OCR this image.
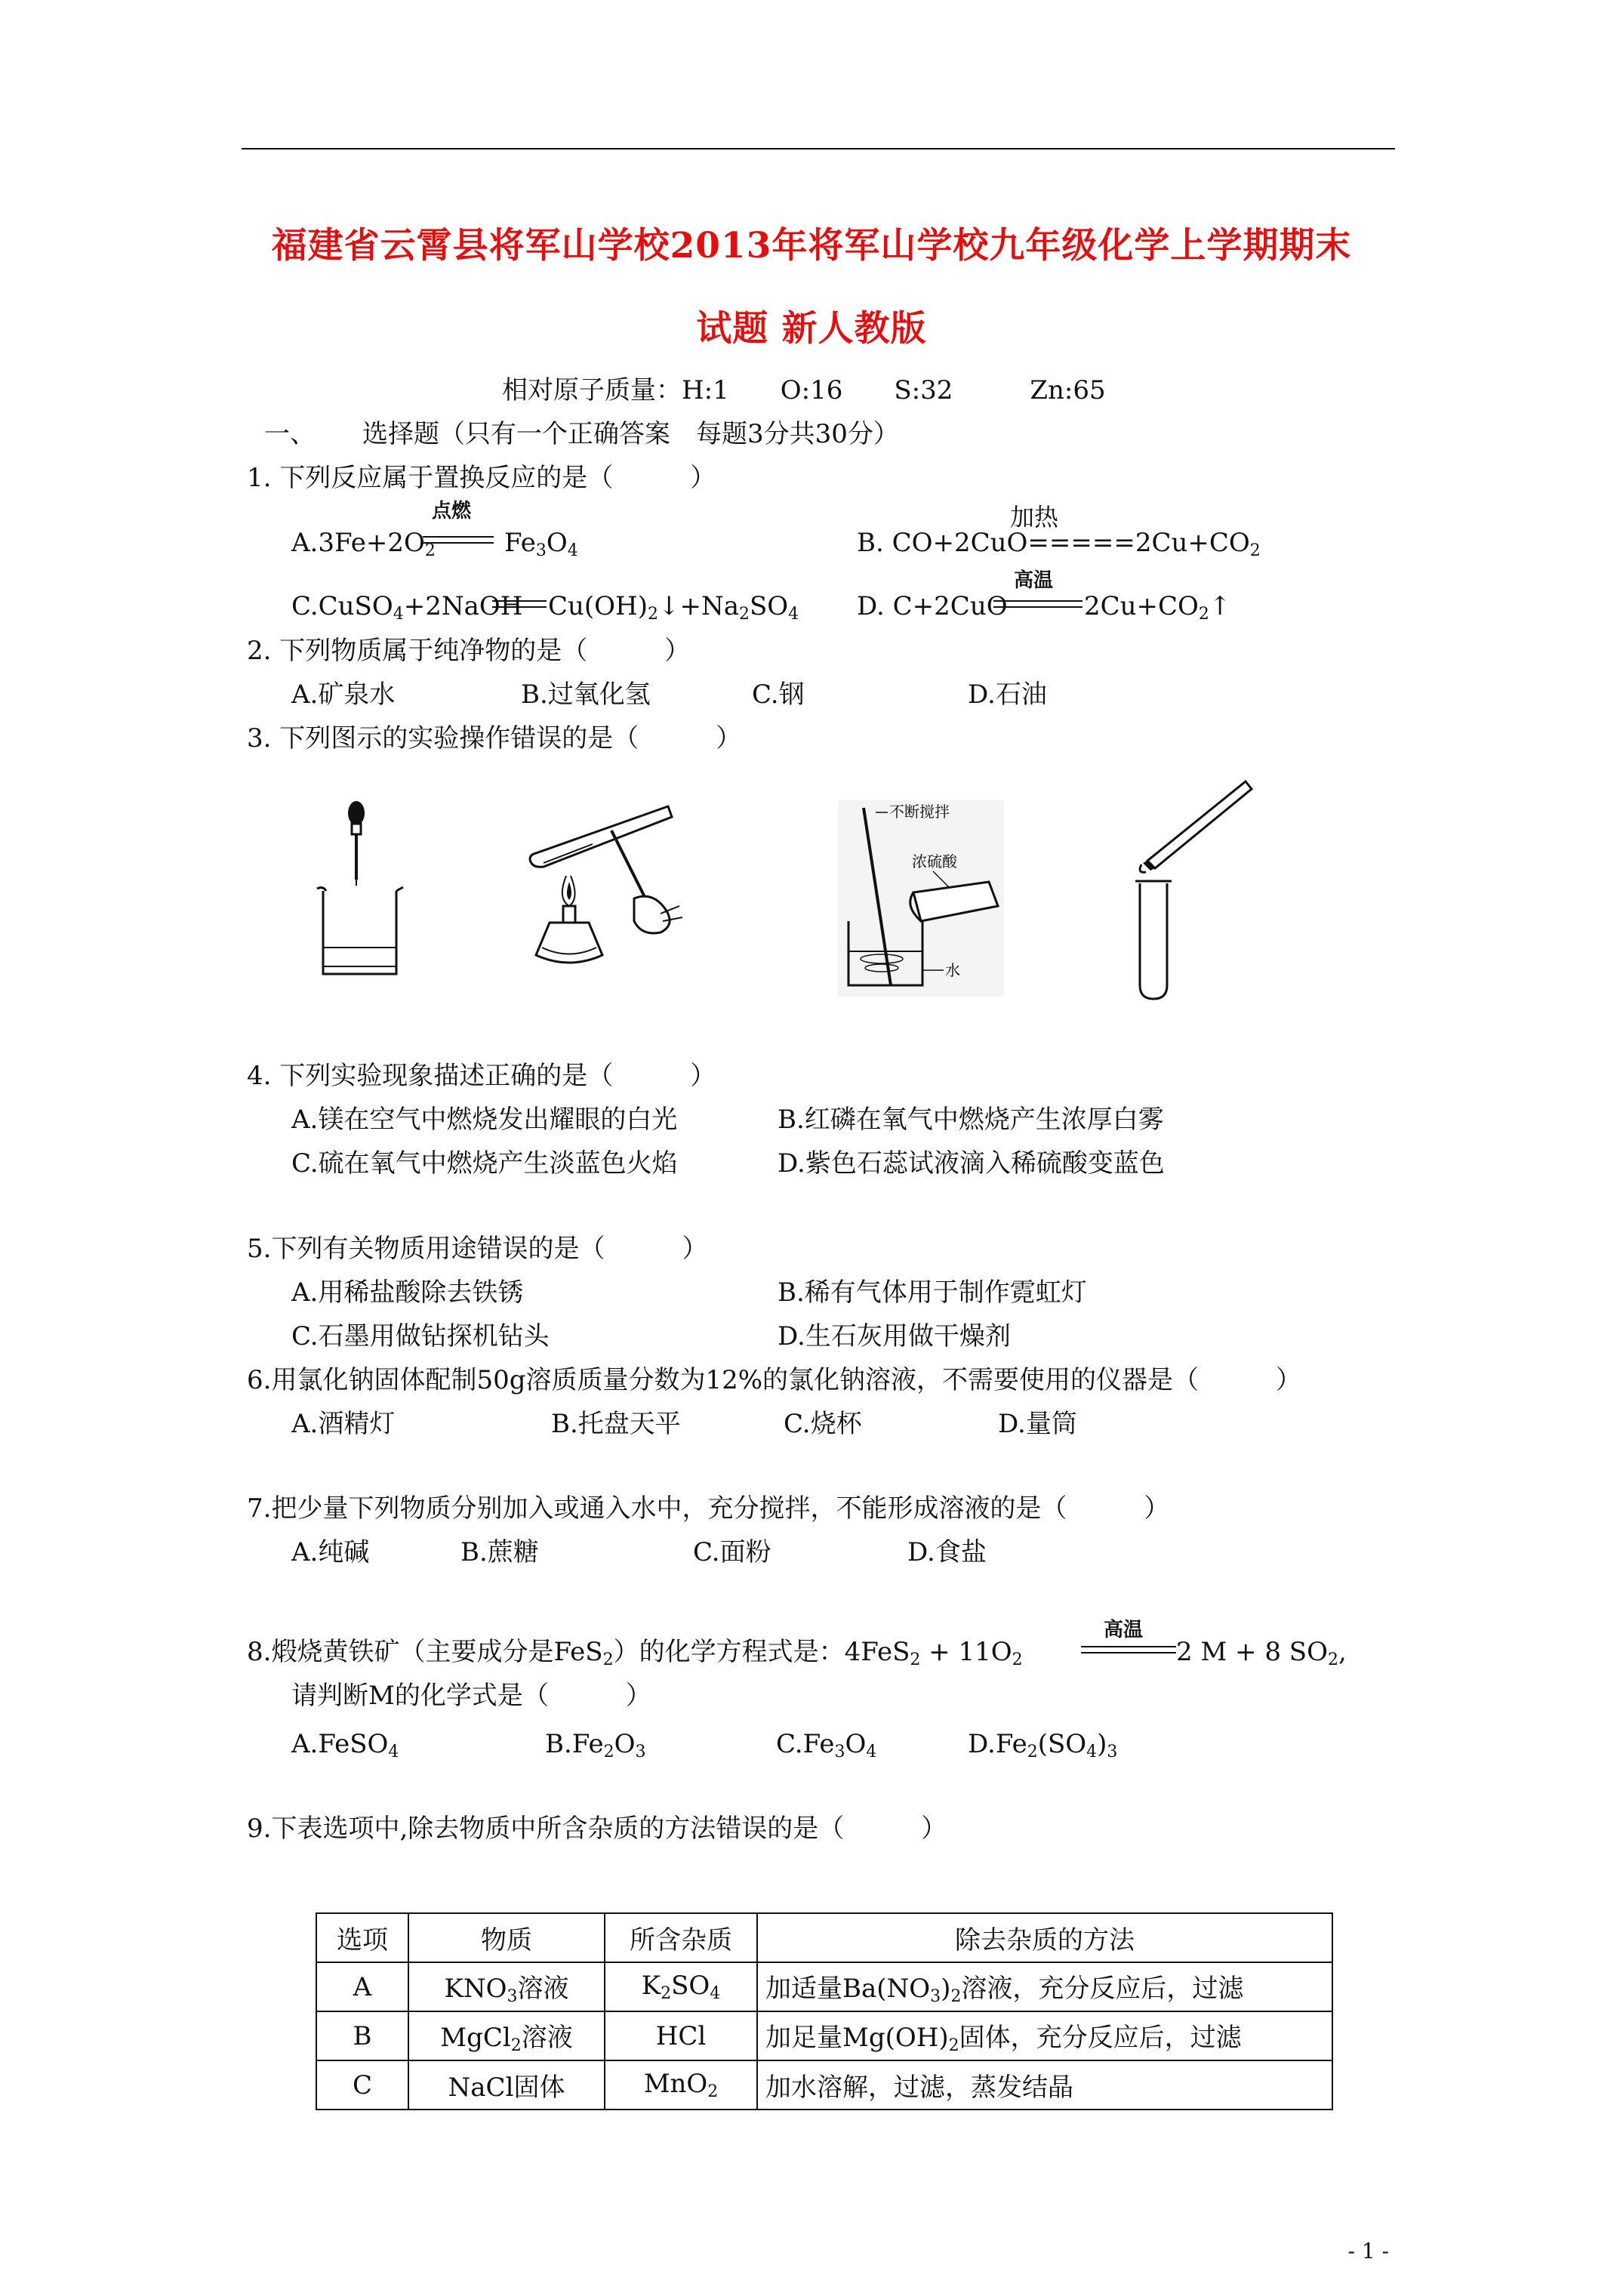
福建省云霄县将军山学校2013年将军山学校九年级化学上学期期末
试题 新人教版
相对原子质量：H:1　　O:16　　S:32　　　Zn:65
一、 选择题（只有一个正确答案　每题3分共30分）
1. 下列反应属于置换反应的是（　　　）
$A.3Fe+2O_2$
点燃
$Fe_3O_4$
加热
B. $CO+2CuO=====2Cu+CO_2$
C.CuSO$_4$+2NaOH $Cu(OH)_2↓+Na_2SO_4$ D. C+2CuO
高温
$2Cu+CO_2↑$
2. 下列物质属于纯净物的是（　　　）
A.矿泉水	B.过氧化氢	C.钢	D.石油
3. 下列图示的实验操作错误的是（　　　）
不断搅拌
浓硫酸
水
4. 下列实验现象描述正确的是（　　　）
A.镁在空气中燃烧发出耀眼的白光	B.红磷在氧气中燃烧产生浓厚白雾
C.硫在氧气中燃烧产生淡蓝色火焰	D.紫色石蕊试液滴入稀硫酸变蓝色
5.下列有关物质用途错误的是（　　　）
A.用稀盐酸除去铁锈	B.稀有气体用于制作霓虹灯
C.石墨用做钻探机钻头	D.生石灰用做干燥剂
6.用氯化钠固体配制50g溶质质量分数为12%的氯化钠溶液，不需要使用的仪器是（　　　）
A.酒精灯	B.托盘天平	C.烧杯	D.量筒
7.把少量下列物质分别加入或通入水中，充分搅拌，不能形成溶液的是（　　　）
A.纯碱	B.蔗糖	C.面粉	D.食盐
8.煅烧黄铁矿（主要成分是FeS$_2$）的化学方程式是：$4FeS_2 + 11O_2$
高温
2 M + 8 $SO_2$,
请判断M的化学式是（　　　）
A.FeSO$_4$	$B.Fe_2O_3$	$C.Fe_3O_4$	$D.Fe_2(SO_4)_3$
9.下表选项中,除去物质中所含杂质的方法错误的是（　　　）
选项	物质	所含杂质	除去杂质的方法
A	$KNO_3$溶液	$K_2SO_4$	加适量$Ba(NO_3)_2$溶液，充分反应后，过滤
B	MgCl$_2$溶液	HCl	加足量$Mg(OH)_2$固体，充分反应后，过滤
C	NaCl固体	MnO$_2$	加水溶解，过滤，蒸发结晶
- 1 -
